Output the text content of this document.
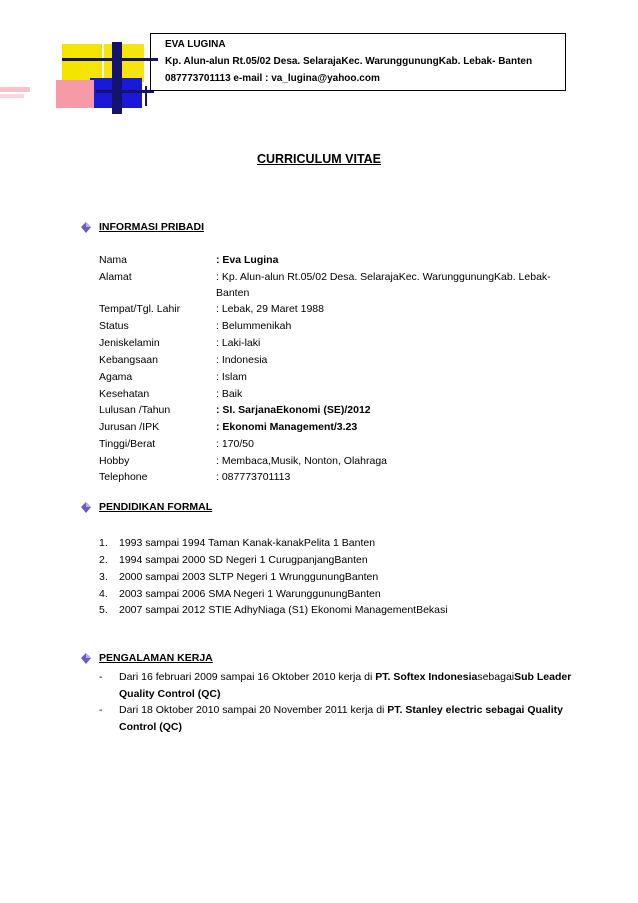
EVA LUGINA
Kp. Alun-alun Rt.05/02 Desa. SelarajaKec. WarunggunungKab. Lebak- Banten
087773701113 e-mail : va_lugina@yahoo.com
CURRICULUM VITAE
INFORMASI PRIBADI
Nama	: Eva Lugina
Alamat	: Kp. Alun-alun Rt.05/02 Desa. SelarajaKec. WarunggunungKab. Lebak-
Banten
Tempat/Tgl. Lahir	: Lebak, 29 Maret 1988
Status	: Belummenikah
Jeniskelamin	: Laki-laki
Kebangsaan	: Indonesia
Agama	: Islam
Kesehatan	: Baik
Lulusan /Tahun	: SI. SarjanaEkonomi (SE)/2012
Jurusan /IPK	: Ekonomi Management/3.23
Tinggi/Berat	: 170/50
Hobby	: Membaca,Musik, Nonton, Olahraga
Telephone	: 087773701113
PENDIDIKAN FORMAL
1. 1993 sampai 1994 Taman Kanak-kanakPelita 1 Banten
2. 1994 sampai 2000 SD Negeri 1 CurugpanjangBanten
3. 2000 sampai 2003 SLTP Negeri 1 WrunggunungBanten
4. 2003 sampai 2006 SMA Negeri 1 WarunggunungBanten
5. 2007 sampai 2012 STIE AdhyNiaga (S1) Ekonomi ManagementBekasi
PENGALAMAN KERJA
- Dari 16 februari 2009 sampai 16 Oktober 2010 kerja di PT. Softex IndonesiasebagaiSub Leader
Quality Control (QC)
- Dari 18 Oktober 2010 sampai 20 November 2011 kerja di PT. Stanley electric sebagai Quality
Control (QC)
